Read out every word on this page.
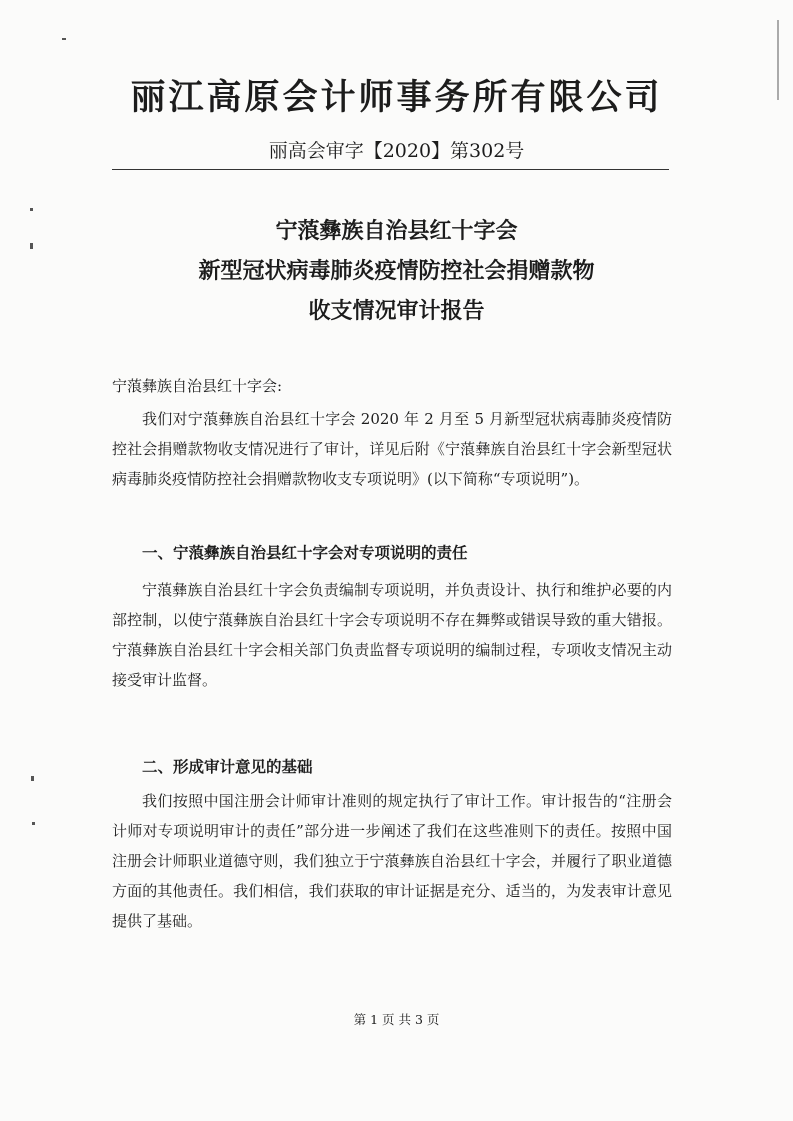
丽江高原会计师事务所有限公司
丽高会审字【2020】第302号
宁蒗彝族自治县红十字会
新型冠状病毒肺炎疫情防控社会捐赠款物
收支情况审计报告
宁蒗彝族自治县红十字会:
我们对宁蒗彝族自治县红十字会 2020 年 2 月至 5 月新型冠状病毒肺炎疫情防控社会捐赠款物收支情况进行了审计，详见后附《宁蒗彝族自治县红十字会新型冠状病毒肺炎疫情防控社会捐赠款物收支专项说明》(以下简称“专项说明”)。
一、宁蒗彝族自治县红十字会对专项说明的责任
宁蒗彝族自治县红十字会负责编制专项说明，并负责设计、执行和维护必要的内部控制，以使宁蒗彝族自治县红十字会专项说明不存在舞弊或错误导致的重大错报。宁蒗彝族自治县红十字会相关部门负责监督专项说明的编制过程，专项收支情况主动接受审计监督。
二、形成审计意见的基础
我们按照中国注册会计师审计准则的规定执行了审计工作。审计报告的“注册会计师对专项说明审计的责任”部分进一步阐述了我们在这些准则下的责任。按照中国注册会计师职业道德守则，我们独立于宁蒗彝族自治县红十字会，并履行了职业道德方面的其他责任。我们相信，我们获取的审计证据是充分、适当的，为发表审计意见提供了基础。
第 1 页 共 3 页
